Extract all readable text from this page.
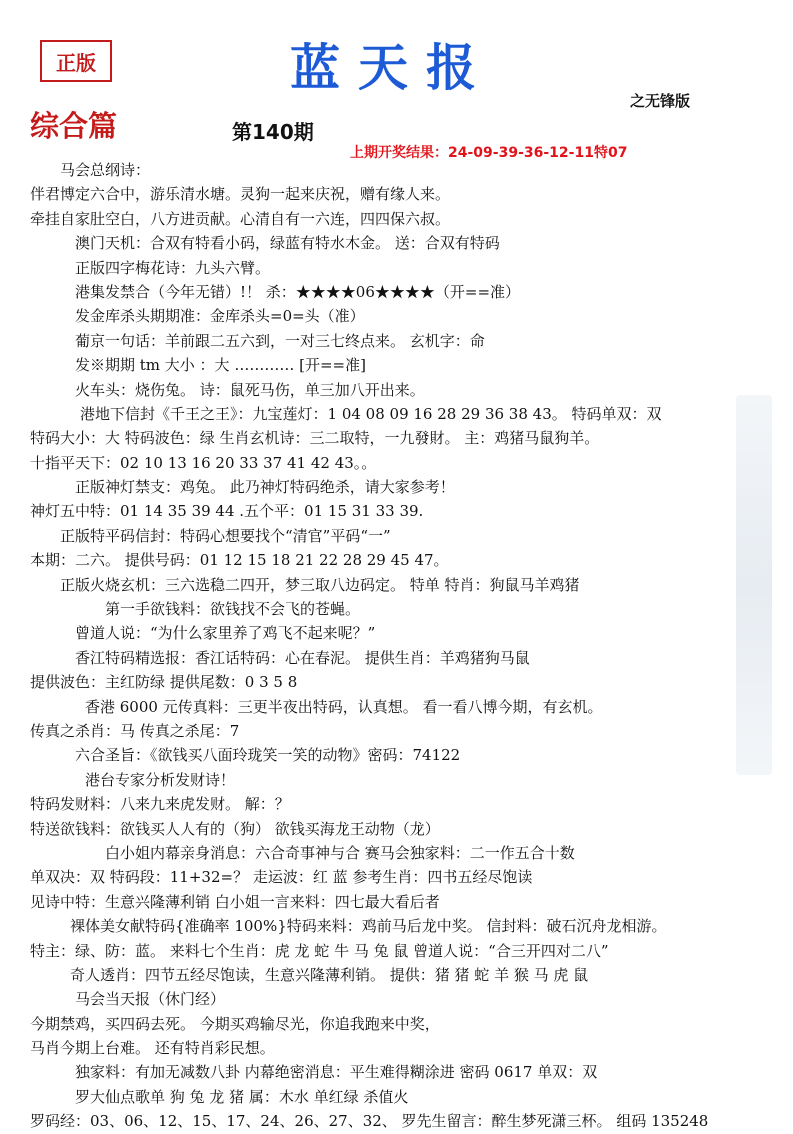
正版	蓝天报
之无锋版
综合篇	第140期
上期开奖结果：24-09-39-36-12-11特07
马会总纲诗：
伴君博定六合中，游乐清水塘。灵狗一起来庆祝，赠有缘人来。
牵挂自家肚空白，八方进贡献。心清自有一六连，四四保六叔。
澳门天机：合双有特看小码，绿蓝有特水木金。 送：合双有特码
正版四字梅花诗：九头六臂。
港集发禁合（今年无错）!！ 杀：★★★★06★★★★（开==准）
发金库杀头期期准：金库杀头=0=头（准）
葡京一句话：羊前跟二五六到，一对三七终点来。 玄机字：命
发※期期 tm 大小 ：大 ………… [开==准]
火车头：烧伤兔。 诗：鼠死马伤，单三加八开出来。
港地下信封《千王之王》：九宝莲灯：1 04 08 09 16 28 29 36 38 43。 特码单双：双
特码大小：大 特码波色：绿 生肖玄机诗：三二取特，一九發財。 主：鸡猪马鼠狗羊。
十指平天下：02 10 13 16 20 33 37 41 42 43。。
正版神灯禁支：鸡兔。 此乃神灯特码绝杀，请大家参考！
神灯五中特：01 14 35 39 44 .五个平：01 15 31 33 39.
正版特平码信封：特码心想要找个“清官”平码“一”
本期：二六。 提供号码：01 12 15 18 21 22 28 29 45 47。
正版火烧玄机：三六选稳二四开，梦三取八边码定。 特单 特肖：狗鼠马羊鸡猪
第一手欲钱料：欲钱找不会飞的苍蝇。
曾道人说：“为什么家里养了鸡飞不起来呢？”
香江特码精选报：香江话特码：心在春泥。 提供生肖：羊鸡猪狗马鼠
提供波色：主红防绿 提供尾数：0 3 5 8
香港 6000 元传真料：三更半夜出特码，认真想。 看一看八博今期，有玄机。
传真之杀肖：马 传真之杀尾：7
六合圣旨：《欲钱买八面玲珑笑一笑的动物》密码：74122
港台专家分析发财诗！
特码发财料：八来九来虎发财。 解：？
特送欲钱料：欲钱买人人有的（狗） 欲钱买海龙王动物（龙）
白小姐内幕亲身消息：六合奇事神与合 赛马会独家料：二一作五合十数
单双决：双 特码段：11+32=？ 走运波：红 蓝 参考生肖：四书五经尽饱读
见诗中特：生意兴隆薄利销 白小姐一言来料：四七最大看后者
裸体美女献特码{准确率 100%}特码来料：鸡前马后龙中奖。 信封料：破石沉舟龙相游。
特主：绿、防：蓝。 来料七个生肖：虎 龙 蛇 牛 马 兔 鼠 曾道人说：“合三开四对二八”
奇人透肖：四节五经尽饱读，生意兴隆薄利销。 提供：猪 猪 蛇 羊 猴 马 虎 鼠
马会当天报（休门经）
今期禁鸡，买四码去死。 今期买鸡输尽光，你追我跑来中奖，
马肖今期上台难。 还有特肖彩民想。
独家料：有加无减数八卦 内幕绝密消息：平生难得糊涂进 密码 0617 单双：双
罗大仙点歌单 狗 兔 龙 猪 属：木水 单红绿 杀值火
罗码经：03、06、12、15、17、24、26、27、32、 罗先生留言：醉生梦死潇三杯。 组码 135248
